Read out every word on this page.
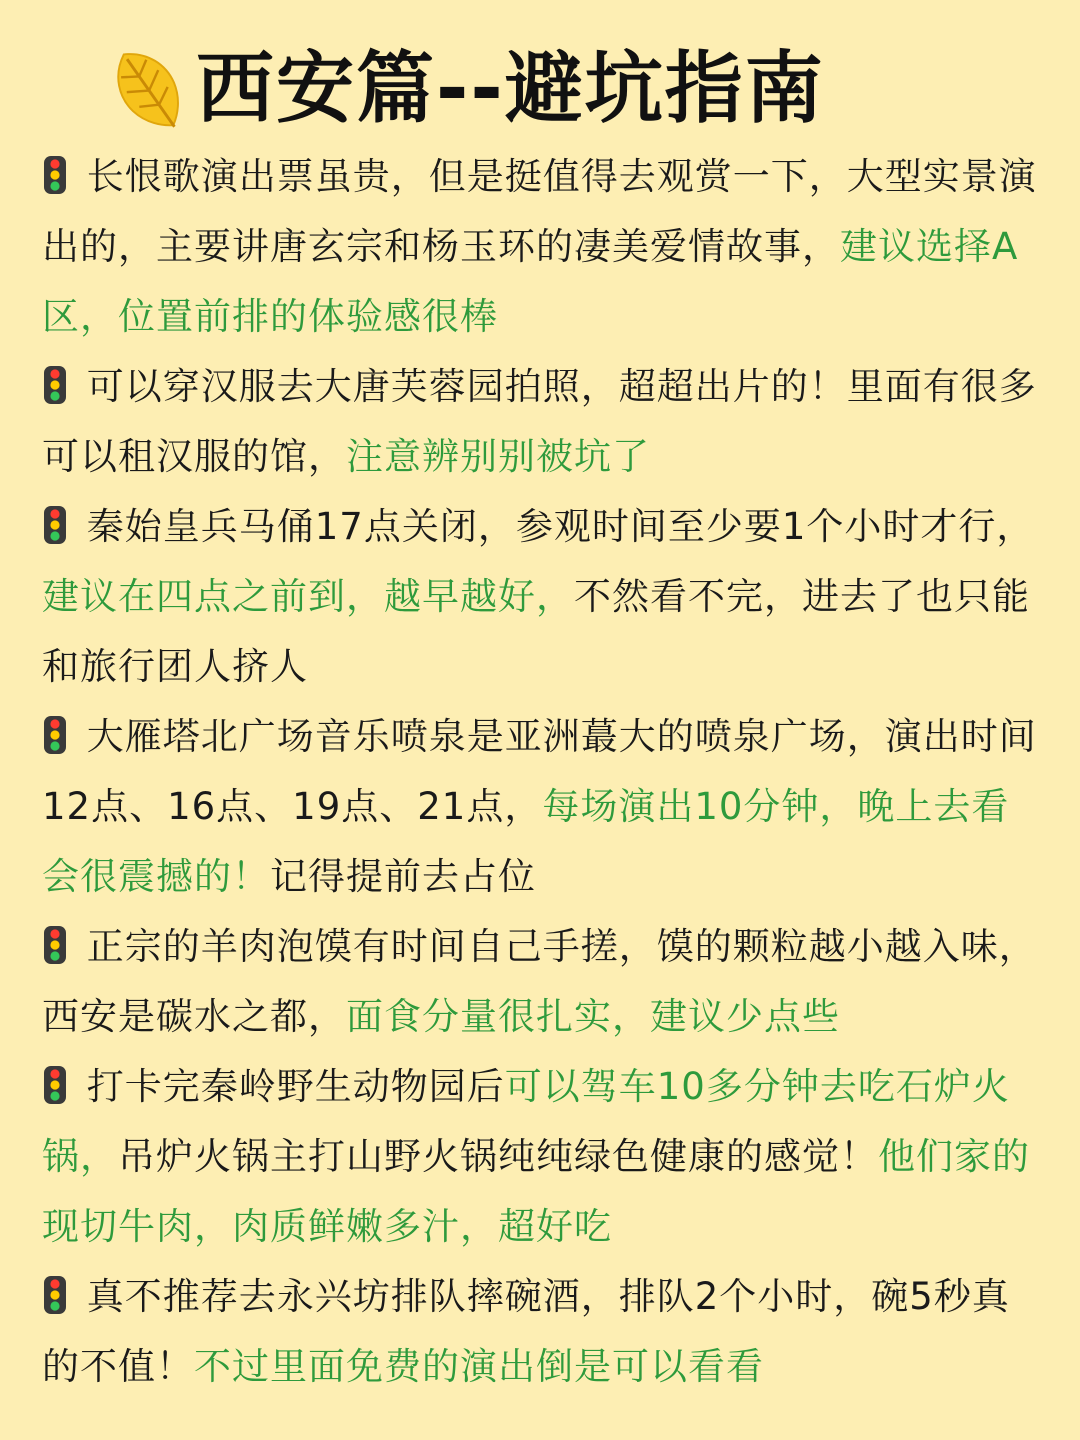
西安篇--避坑指南

长恨歌演出票虽贵，但是挺值得去观赏一下，大型实景演出的，主要讲唐玄宗和杨玉环的凄美爱情故事，建议选择A区，位置前排的体验感很棒

可以穿汉服去大唐芙蓉园拍照，超超出片的！里面有很多可以租汉服的馆，注意辨别别被坑了

秦始皇兵马俑17点关闭，参观时间至少要1个小时才行，建议在四点之前到，越早越好，不然看不完，进去了也只能和旅行团人挤人

大雁塔北广场音乐喷泉是亚洲蕞大的喷泉广场，演出时间12点、16点、19点、21点，每场演出10分钟，晚上去看会很震撼的！记得提前去占位

正宗的羊肉泡馍有时间自己手搓，馍的颗粒越小越入味，西安是碳水之都，面食分量很扎实，建议少点些

打卡完秦岭野生动物园后可以驾车10多分钟去吃石炉火锅，吊炉火锅主打山野火锅纯纯绿色健康的感觉！他们家的现切牛肉，肉质鲜嫩多汁，超好吃

真不推荐去永兴坊排队摔碗酒，排队2个小时，碗5秒真的不值！不过里面免费的演出倒是可以看看
